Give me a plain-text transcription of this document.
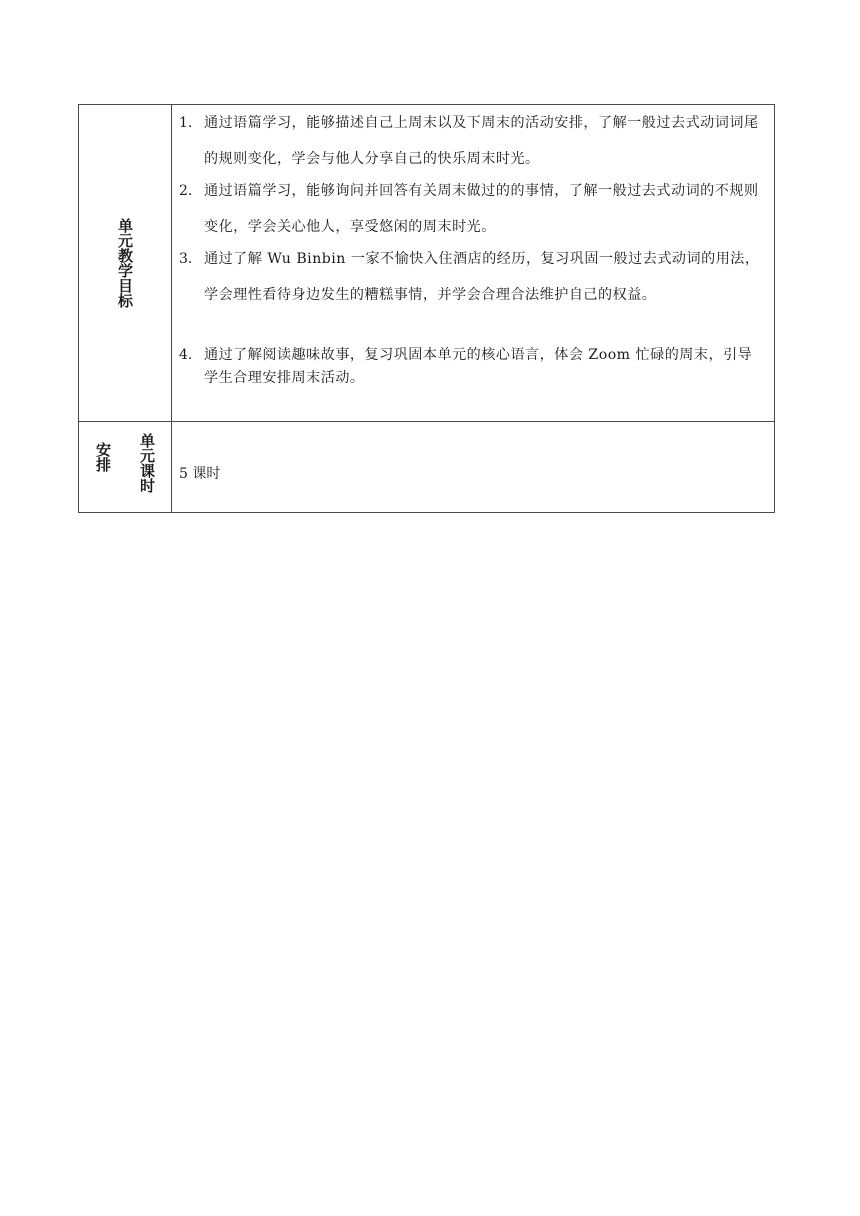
单元教学目标
1. 通过语篇学习，能够描述自己上周末以及下周末的活动安排，了解一般过去式动词词尾的规则变化，学会与他人分享自己的快乐周末时光。
2. 通过语篇学习，能够询问并回答有关周末做过的的事情，了解一般过去式动词的不规则变化，学会关心他人，享受悠闲的周末时光。
3. 通过了解 Wu Binbin 一家不愉快入住酒店的经历，复习巩固一般过去式动词的用法，学会理性看待身边发生的糟糕事情，并学会合理合法维护自己的权益。
4. 通过了解阅读趣味故事，复习巩固本单元的核心语言，体会 Zoom 忙碌的周末，引导学生合理安排周末活动。
安排 单元课时 5 课时
